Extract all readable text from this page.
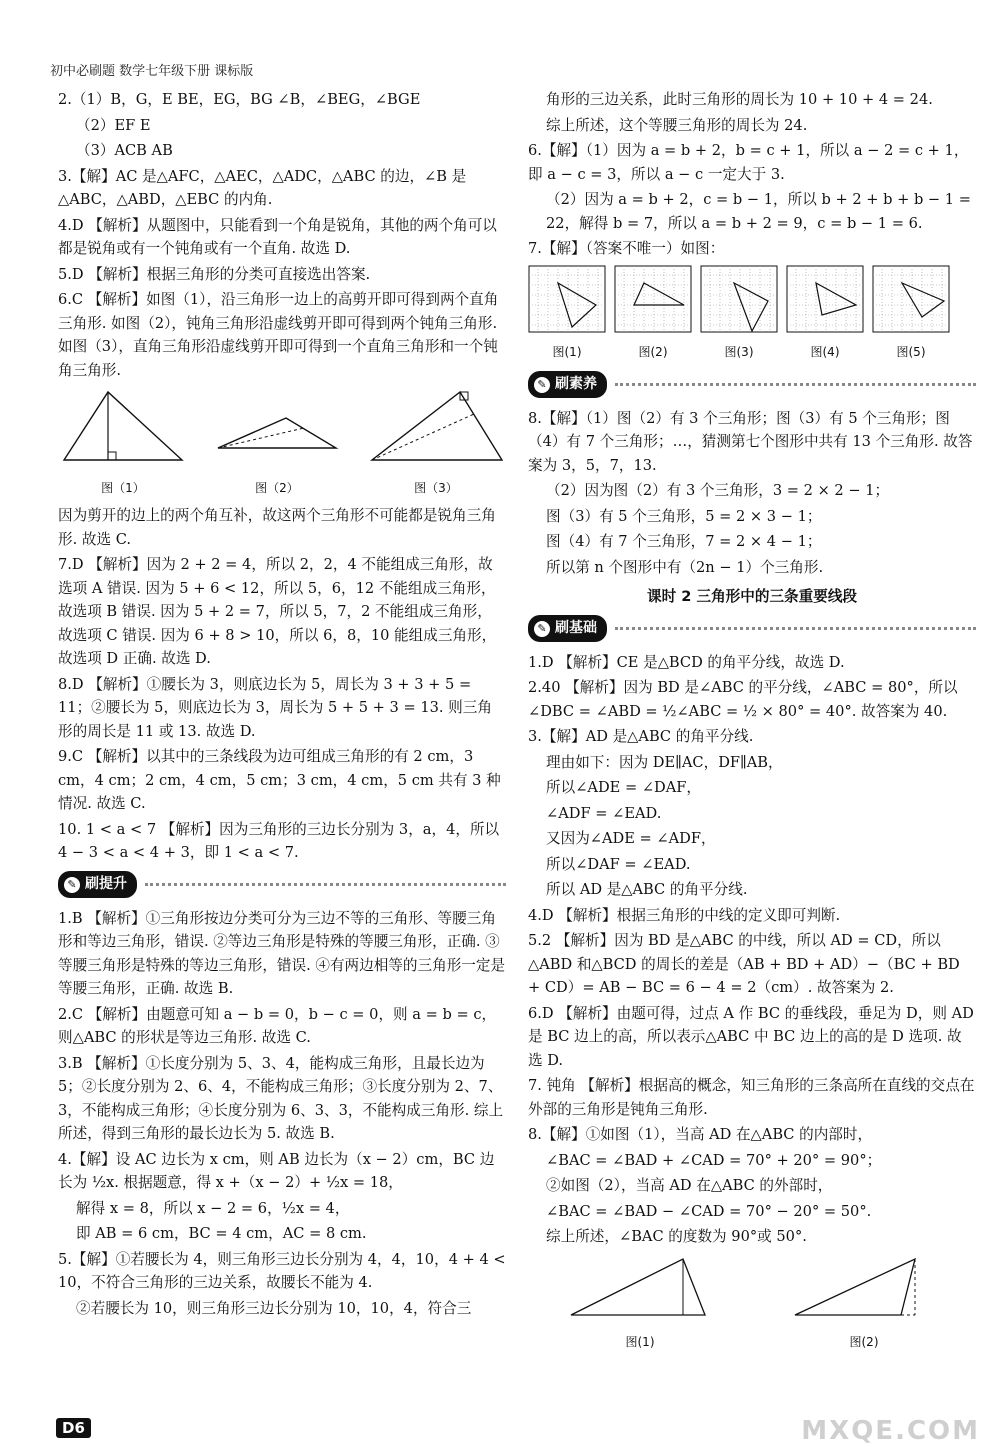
初中必刷题 数学七年级下册 课标版
2.（1）B，G，E BE，EG，BG ∠B，∠BEG，∠BGE
（2）EF E
（3）ACB AB
3.【解】AC 是△AFC，△AEC，△ADC，△ABC 的边，∠B 是△ABC，△ABD，△EBC 的内角.
4.D 【解析】从题图中，只能看到一个角是锐角，其他的两个角可以都是锐角或有一个钝角或有一个直角. 故选 D.
5.D 【解析】根据三角形的分类可直接选出答案.
6.C 【解析】如图（1），沿三角形一边上的高剪开即可得到两个直角三角形. 如图（2），钝角三角形沿虚线剪开即可得到两个钝角三角形. 如图（3），直角三角形沿虚线剪开即可得到一个直角三角形和一个钝角三角形.
图（1）	图（2）	图（3）
因为剪开的边上的两个角互补，故这两个三角形不可能都是锐角三角形. 故选 C.
7.D 【解析】因为 2 + 2 = 4，所以 2，2，4 不能组成三角形，故选项 A 错误. 因为 5 + 6 < 12，所以 5，6，12 不能组成三角形，故选项 B 错误. 因为 5 + 2 = 7，所以 5，7，2 不能组成三角形，故选项 C 错误. 因为 6 + 8 > 10，所以 6，8，10 能组成三角形，故选项 D 正确. 故选 D.
8.D 【解析】①腰长为 3，则底边长为 5，周长为 3 + 3 + 5 = 11；②腰长为 5，则底边长为 3，周长为 5 + 5 + 3 = 13. 则三角形的周长是 11 或 13. 故选 D.
9.C 【解析】以其中的三条线段为边可组成三角形的有 2 cm，3 cm，4 cm；2 cm，4 cm，5 cm；3 cm，4 cm，5 cm 共有 3 种情况. 故选 C.
10. 1 < a < 7 【解析】因为三角形的三边长分别为 3，a，4，所以 4 − 3 < a < 4 + 3，即 1 < a < 7.
✎ 刷提升
1.B 【解析】①三角形按边分类可分为三边不等的三角形、等腰三角形和等边三角形，错误. ②等边三角形是特殊的等腰三角形，正确. ③等腰三角形是特殊的等边三角形，错误. ④有两边相等的三角形一定是等腰三角形，正确. 故选 B.
2.C 【解析】由题意可知 a − b = 0，b − c = 0，则 a = b = c，则△ABC 的形状是等边三角形. 故选 C.
3.B 【解析】①长度分别为 5、3、4，能构成三角形，且最长边为 5；②长度分别为 2、6、4，不能构成三角形；③长度分别为 2、7、3，不能构成三角形；④长度分别为 6、3、3，不能构成三角形. 综上所述，得到三角形的最长边长为 5. 故选 B.
4.【解】设 AC 边长为 x cm，则 AB 边长为（x − 2）cm，BC 边长为 ½x. 根据题意，得 x +（x − 2）+ ½x = 18，
解得 x = 8，所以 x − 2 = 6，½x = 4，
即 AB = 6 cm，BC = 4 cm，AC = 8 cm.
5.【解】①若腰长为 4，则三角形三边长分别为 4，4，10，4 + 4 < 10，不符合三角形的三边关系，故腰长不能为 4.
②若腰长为 10，则三角形三边长分别为 10，10，4，符合三
角形的三边关系，此时三角形的周长为 10 + 10 + 4 = 24.
综上所述，这个等腰三角形的周长为 24.
6.【解】（1）因为 a = b + 2，b = c + 1，所以 a − 2 = c + 1，即 a − c = 3，所以 a − c 一定大于 3.
（2）因为 a = b + 2，c = b − 1，所以 b + 2 + b + b − 1 = 22，解得 b = 7，所以 a = b + 2 = 9，c = b − 1 = 6.
7.【解】（答案不唯一）如图：
图(1)	图(2)	图(3)	图(4)	图(5)
✎ 刷素养
8.【解】（1）图（2）有 3 个三角形；图（3）有 5 个三角形；图（4）有 7 个三角形；…，猜测第七个图形中共有 13 个三角形. 故答案为 3，5，7，13.
（2）因为图（2）有 3 个三角形，3 = 2 × 2 − 1；
图（3）有 5 个三角形，5 = 2 × 3 − 1；
图（4）有 7 个三角形，7 = 2 × 4 − 1；
所以第 n 个图形中有（2n − 1）个三角形.
课时 2 三角形中的三条重要线段
✎ 刷基础
1.D 【解析】CE 是△BCD 的角平分线，故选 D.
2.40 【解析】因为 BD 是∠ABC 的平分线，∠ABC = 80°，所以∠DBC = ∠ABD = ½∠ABC = ½ × 80° = 40°. 故答案为 40.
3.【解】AD 是△ABC 的角平分线.
理由如下：因为 DE∥AC，DF∥AB，
所以∠ADE = ∠DAF，
∠ADF = ∠EAD.
又因为∠ADE = ∠ADF，
所以∠DAF = ∠EAD.
所以 AD 是△ABC 的角平分线.
4.D 【解析】根据三角形的中线的定义即可判断.
5.2 【解析】因为 BD 是△ABC 的中线，所以 AD = CD，所以△ABD 和△BCD 的周长的差是（AB + BD + AD）−（BC + BD + CD）= AB − BC = 6 − 4 = 2（cm）. 故答案为 2.
6.D 【解析】由题可得，过点 A 作 BC 的垂线段，垂足为 D，则 AD 是 BC 边上的高，所以表示△ABC 中 BC 边上的高的是 D 选项. 故选 D.
7. 钝角 【解析】根据高的概念，知三角形的三条高所在直线的交点在外部的三角形是钝角三角形.
8.【解】①如图（1），当高 AD 在△ABC 的内部时，
∠BAC = ∠BAD + ∠CAD = 70° + 20° = 90°；
②如图（2），当高 AD 在△ABC 的外部时，
∠BAC = ∠BAD − ∠CAD = 70° − 20° = 50°.
综上所述，∠BAC 的度数为 90°或 50°.
图(1)	图(2)
D6	MXQE.COM
